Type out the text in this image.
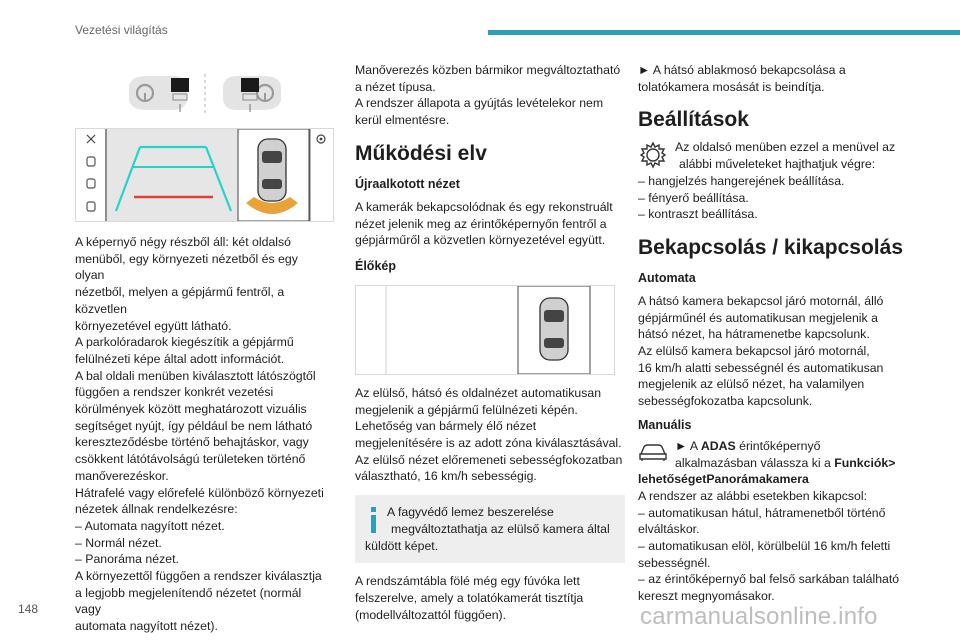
Vezetési világítás
A képernyő négy részből áll: két oldalsó
menüből, egy környezeti nézetből és egy olyan
nézetből, melyen a gépjármű fentről, a közvetlen
környezetével együtt látható.
A parkolóradarok kiegészítik a gépjármű
felülnézeti képe által adott információt.
A bal oldali menüben kiválasztott látószögtől
függően a rendszer konkrét vezetési
körülmények között meghatározott vizuális
segítséget nyújt, így például be nem látható
kereszteződésbe történő behajtáskor, vagy
csökkent látótávolságú területeken történő
manőverezéskor.
Hátrafelé vagy előrefelé különböző környezeti
nézetek állnak rendelkezésre:
– Automata nagyított nézet.
– Normál nézet.
– Panoráma nézet.
A környezettől függően a rendszer kiválasztja
a legjobb megjelenítendő nézetet (normál vagy
automata nagyított nézet).
Manőverezés közben bármikor megváltoztatható
a nézet típusa.
A rendszer állapota a gyújtás levételekor nem
kerül elmentésre.
Működési elv
Újraalkotott nézet
A kamerák bekapcsolódnak és egy rekonstruált
nézet jelenik meg az érintőképernyőn fentről a
gépjárműről a közvetlen környezetével együtt.
Élőkép
Az elülső, hátsó és oldalnézet automatikusan
megjelenik a gépjármű felülnézeti képén.
Lehetőség van bármely élő nézet
megjelenítésére is az adott zóna kiválasztásával.
Az elülső nézet előremeneti sebességfokozatban
választható, 16 km/h sebességig.
A fagyvédő lemez beszerelése
megváltoztathatja az elülső kamera által
küldött képet.
A rendszámtábla fölé még egy fúvóka lett
felszerelve, amely a tolatókamerát tisztítja
(modellváltozattól függően).
► A hátsó ablakmosó bekapcsolása a
tolatókamera mosását is beindítja.
Beállítások
Az oldalsó menüben ezzel a menüvel az
alábbi műveleteket hajthatjuk végre:
– hangjelzés hangerejének beállítása.
– fényerő beállítása.
– kontraszt beállítása.
Bekapcsolás / kikapcsolás
Automata
A hátsó kamera bekapcsol járó motornál, álló
gépjárműnél és automatikusan megjelenik a
hátsó nézet, ha hátramenetbe kapcsolunk.
Az elülső kamera bekapcsol járó motornál,
16 km/h alatti sebességnél és automatikusan
megjelenik az elülső nézet, ha valamilyen
sebességfokozatba kapcsolunk.
Manuális
► A ADAS érintőképernyő
alkalmazásban válassza ki a Funkciók>
lehetőségetPanorámakamera
A rendszer az alábbi esetekben kikapcsol:
– automatikusan hátul, hátramenetből történő
elváltáskor.
– automatikusan elöl, körülbelül 16 km/h feletti
sebességnél.
– az érintőképernyő bal felső sarkában található
kereszt megnyomásakor.
148	carmanualsonline.info
